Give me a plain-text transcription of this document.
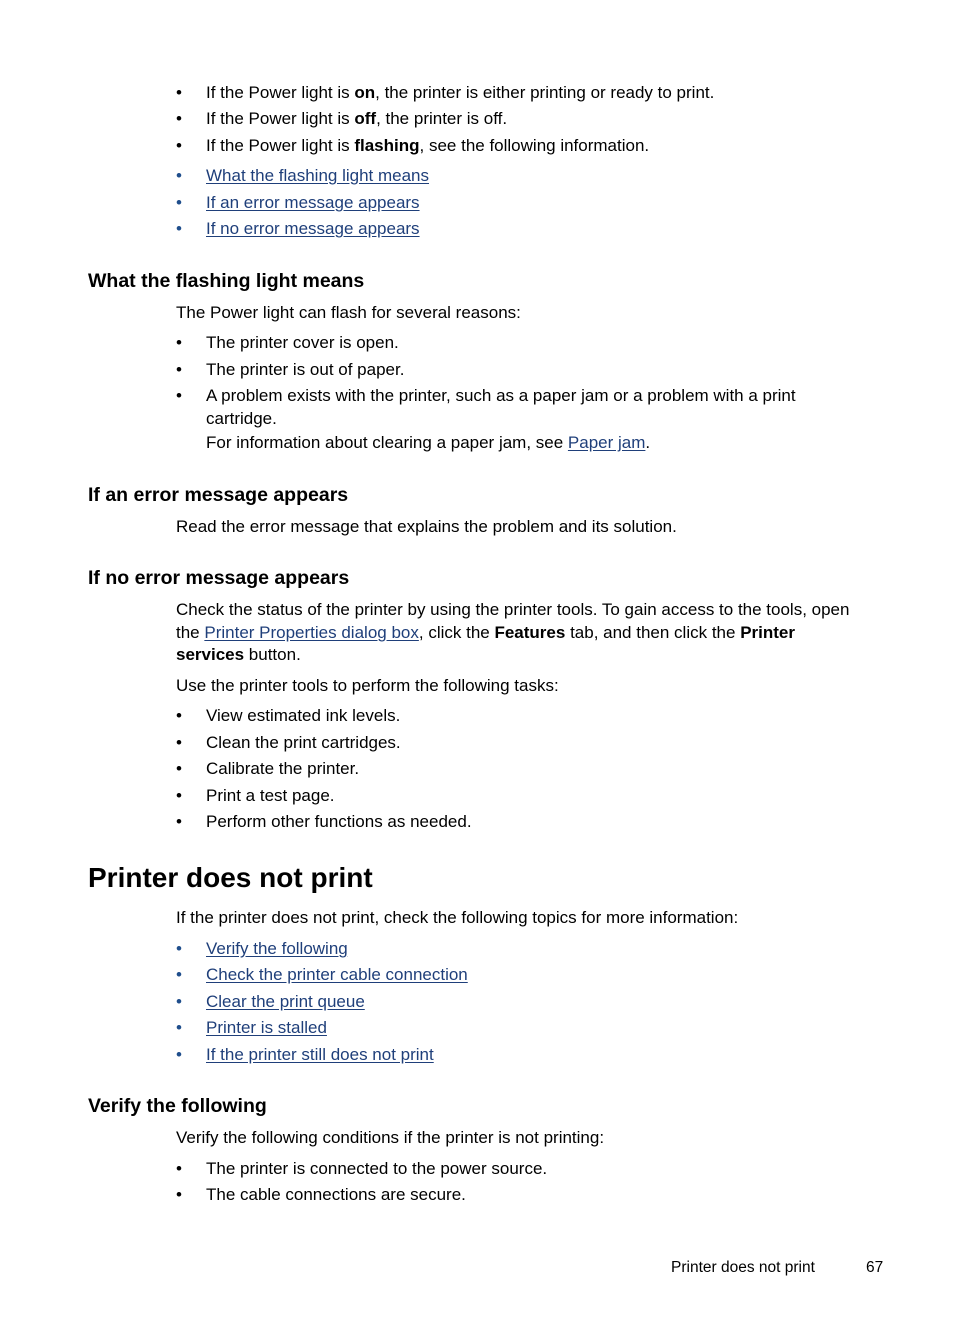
• If the Power light is on, the printer is either printing or ready to print.
• If the Power light is off, the printer is off.
• If the Power light is flashing, see the following information.
• What the flashing light means
• If an error message appears
• If no error message appears
What the flashing light means
The Power light can flash for several reasons:
• The printer cover is open.
• The printer is out of paper.
• A problem exists with the printer, such as a paper jam or a problem with a print
cartridge.
For information about clearing a paper jam, see Paper jam.
If an error message appears
Read the error message that explains the problem and its solution.
If no error message appears
Check the status of the printer by using the printer tools. To gain access to the tools, open
the Printer Properties dialog box, click the Features tab, and then click the Printer
services button.
Use the printer tools to perform the following tasks:
• View estimated ink levels.
• Clean the print cartridges.
• Calibrate the printer.
• Print a test page.
• Perform other functions as needed.
Printer does not print
If the printer does not print, check the following topics for more information:
• Verify the following
• Check the printer cable connection
• Clear the print queue
• Printer is stalled
• If the printer still does not print
Verify the following
Verify the following conditions if the printer is not printing:
• The printer is connected to the power source.
• The cable connections are secure.
Printer does not print	67
